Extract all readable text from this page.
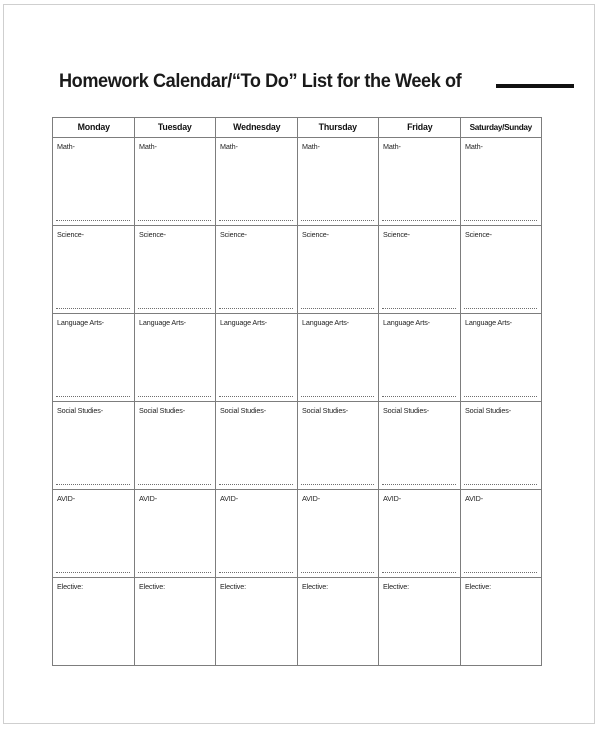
Homework Calendar/“To Do” List for the Week of
Monday	Tuesday	Wednesday	Thursday	Friday	Saturday/Sunday

Math-	Math-	Math-	Math-	Math-	Math-

Science-	Science-	Science-	Science-	Science-	Science-

Language Arts-	Language Arts-	Language Arts-	Language Arts-	Language Arts-	Language Arts-

Social Studies-	Social Studies-	Social Studies-	Social Studies-	Social Studies-	Social Studies-

AVID-	AVID-	AVID-	AVID-	AVID-	AVID-

Elective:	Elective:	Elective:	Elective:	Elective:	Elective:
